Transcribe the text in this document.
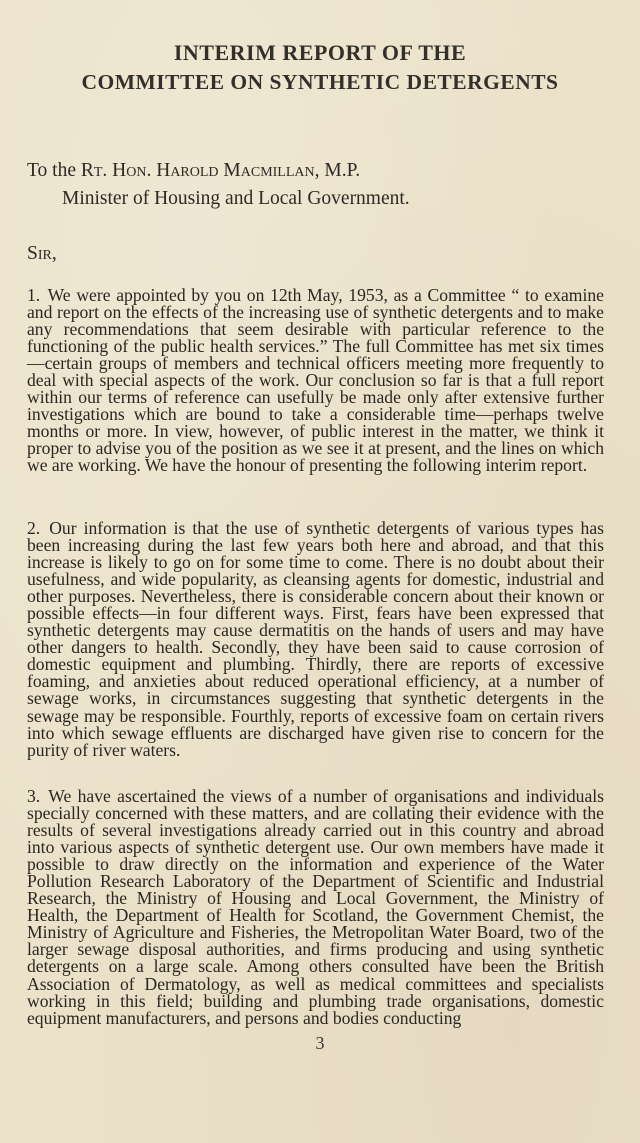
INTERIM REPORT OF THE
COMMITTEE ON SYNTHETIC DETERGENTS
To the Rt. Hon. Harold Macmillan, M.P.
Minister of Housing and Local Government.
Sir,

1. We were appointed by you on 12th May, 1953, as a Committee “ to examine and report on the effects of the increasing use of synthetic detergents and to make any recommendations that seem desirable with particular reference to the functioning of the public health services.” The full Committee has met six times—certain groups of members and technical officers meeting more frequently to deal with special aspects of the work. Our conclusion so far is that a full report within our terms of reference can usefully be made only after extensive further investigations which are bound to take a considerable time—perhaps twelve months or more. In view, however, of public interest in the matter, we think it proper to advise you of the position as we see it at present, and the lines on which we are working. We have the honour of presenting the following interim report.

2. Our information is that the use of synthetic detergents of various types has been increasing during the last few years both here and abroad, and that this increase is likely to go on for some time to come. There is no doubt about their usefulness, and wide popularity, as cleansing agents for domestic, industrial and other purposes. Nevertheless, there is considerable concern about their known or possible effects—in four different ways. First, fears have been expressed that synthetic detergents may cause dermatitis on the hands of users and may have other dangers to health. Secondly, they have been said to cause corrosion of domestic equipment and plumbing. Thirdly, there are reports of excessive foaming, and anxieties about reduced operational efficiency, at a number of sewage works, in circumstances suggesting that synthetic detergents in the sewage may be responsible. Fourthly, reports of excessive foam on certain rivers into which sewage effluents are discharged have given rise to concern for the purity of river waters.

3. We have ascertained the views of a number of organisations and individuals specially concerned with these matters, and are collating their evidence with the results of several investigations already carried out in this country and abroad into various aspects of synthetic detergent use. Our own members have made it possible to draw directly on the information and experience of the Water Pollution Research Laboratory of the Department of Scientific and Industrial Research, the Ministry of Housing and Local Government, the Ministry of Health, the Department of Health for Scotland, the Government Chemist, the Ministry of Agriculture and Fisheries, the Metropolitan Water Board, two of the larger sewage disposal authorities, and firms producing and using synthetic detergents on a large scale. Among others consulted have been the British Association of Dermatology, as well as medical committees and specialists working in this field; building and plumbing trade organisations, domestic equipment manufacturers, and persons and bodies conducting

3
